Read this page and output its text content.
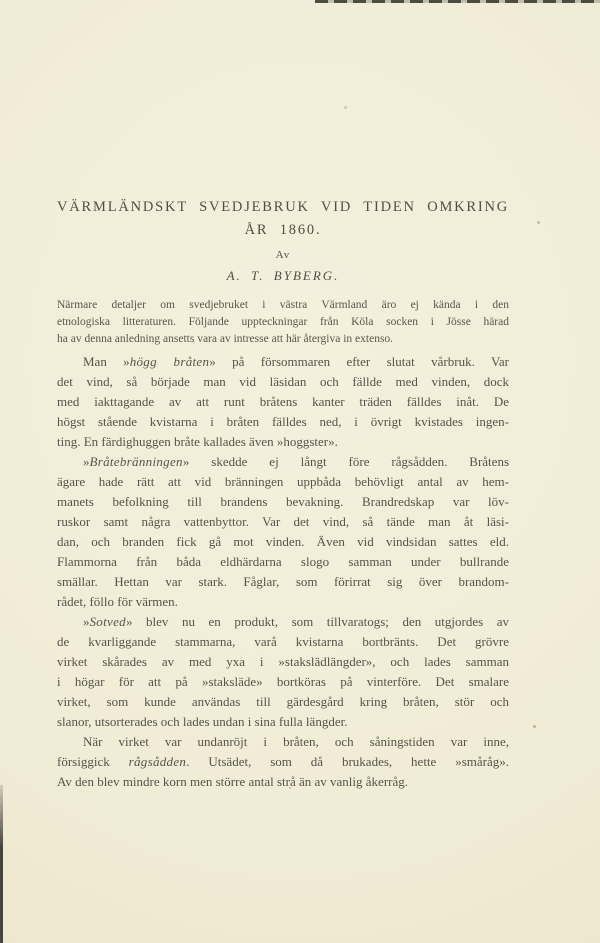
VÄRMLÄNDSKT SVEDJEBRUK VID TIDEN OMKRING
ÅR 1860.
Av
A. T. BYBERG.
Närmare detaljer om svedjebruket i västra Värmland äro ej kända i den
etnologiska litteraturen. Följande uppteckningar från Köla socken i Jösse härad
ha av denna anledning ansetts vara av intresse att här återgiva in extenso.
Man »högg bråten» på försommaren efter slutat vårbruk. Var
det vind, så började man vid läsidan och fällde med vinden, dock
med iakttagande av att runt bråtens kanter träden fälldes inåt. De
högst stående kvistarna i bråten fälldes ned, i övrigt kvistades ingen-
ting. En färdighuggen bråte kallades även »hoggster».
»Bråtebränningen» skedde ej långt före rågsådden. Bråtens
ägare hade rätt att vid bränningen uppbåda behövligt antal av hem-
manets befolkning till brandens bevakning. Brandredskap var löv-
ruskor samt några vattenbyttor. Var det vind, så tände man åt läsi-
dan, och branden fick gå mot vinden. Även vid vindsidan sattes eld.
Flammorna från båda eldhärdarna slogo samman under bullrande
smällar. Hettan var stark. Fåglar, som förirrat sig över brandom-
rådet, föllo för värmen.
»Sotved» blev nu en produkt, som tillvaratogs; den utgjordes av
de kvarliggande stammarna, varå kvistarna bortbränts. Det grövre
virket skårades av med yxa i »stakslädlängder», och lades samman
i högar för att på »staksläde» bortköras på vinterföre. Det smalare
virket, som kunde användas till gärdesgård kring bråten, stör och
slanor, utsorterades och lades undan i sina fulla längder.
När virket var undanröjt i bråten, och såningstiden var inne,
försiggick rågsådden. Utsädet, som då brukades, hette »småråg».
Av den blev mindre korn men större antal strå än av vanlig åkerråg.
